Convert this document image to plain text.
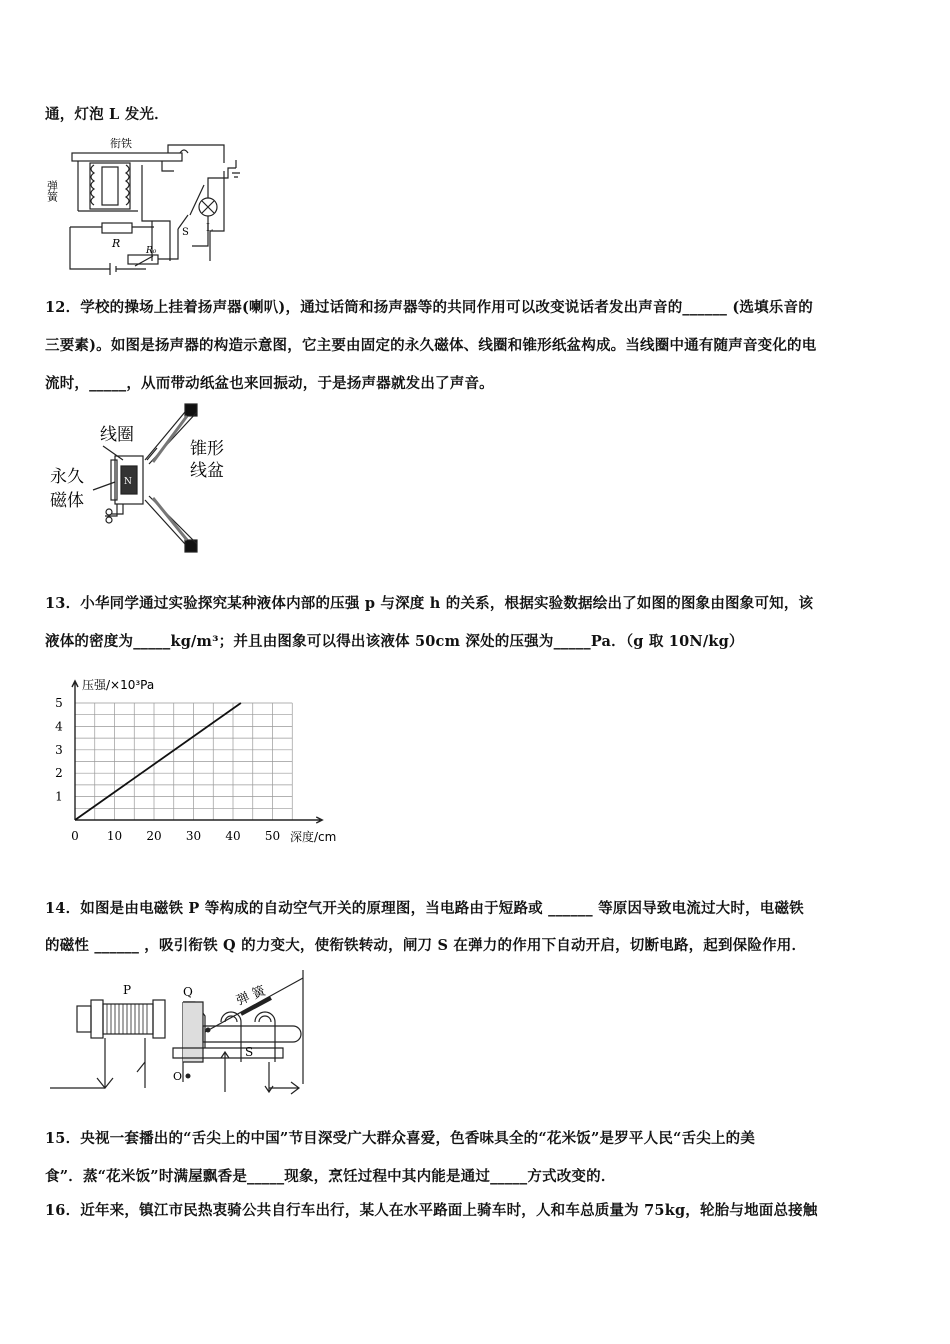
通，灯泡 L 发光．
衔铁
弹簧
R
R₀
S L
12．学校的操场上挂着扬声器(喇叭)，通过话筒和扬声器等的共同作用可以改变说话者发出声音的______ (选填乐音的
三要素)。如图是扬声器的构造示意图，它主要由固定的永久磁体、线圈和锥形纸盆构成。当线圈中通有随声音变化的电
流时，_____，从而带动纸盆也来回振动，于是扬声器就发出了声音。
线圈
锥形
线盆
永久
磁体
N
13．小华同学通过实验探究某种液体内部的压强 p 与深度 h 的关系，根据实验数据绘出了如图的图象由图象可知，该
液体的密度为_____kg/m³；并且由图象可以得出该液体 50cm 深处的压强为_____Pa．（g 取 10N/kg）
0 10 20 30 40 50
1
2
3
4
5
压强/×10³Pa
深度/cm
14．如图是由电磁铁 P 等构成的自动空气开关的原理图，当电路由于短路或 ______ 等原因导致电流过大时，电磁铁
的磁性 ______ ，吸引衔铁 Q 的力变大，使衔铁转动，闸刀 S 在弹力的作用下自动开启，切断电路，起到保险作用．
P	Q
O
S
弹 簧
15．央视一套播出的“舌尖上的中国”节目深受广大群众喜爱，色香味具全的“花米饭”是罗平人民“舌尖上的美
食”．蒸“花米饭”时满屋飘香是_____现象，烹饪过程中其内能是通过_____方式改变的．
16．近年来，镇江市民热衷骑公共自行车出行，某人在水平路面上骑车时，人和车总质量为 75kg，轮胎与地面总接触
